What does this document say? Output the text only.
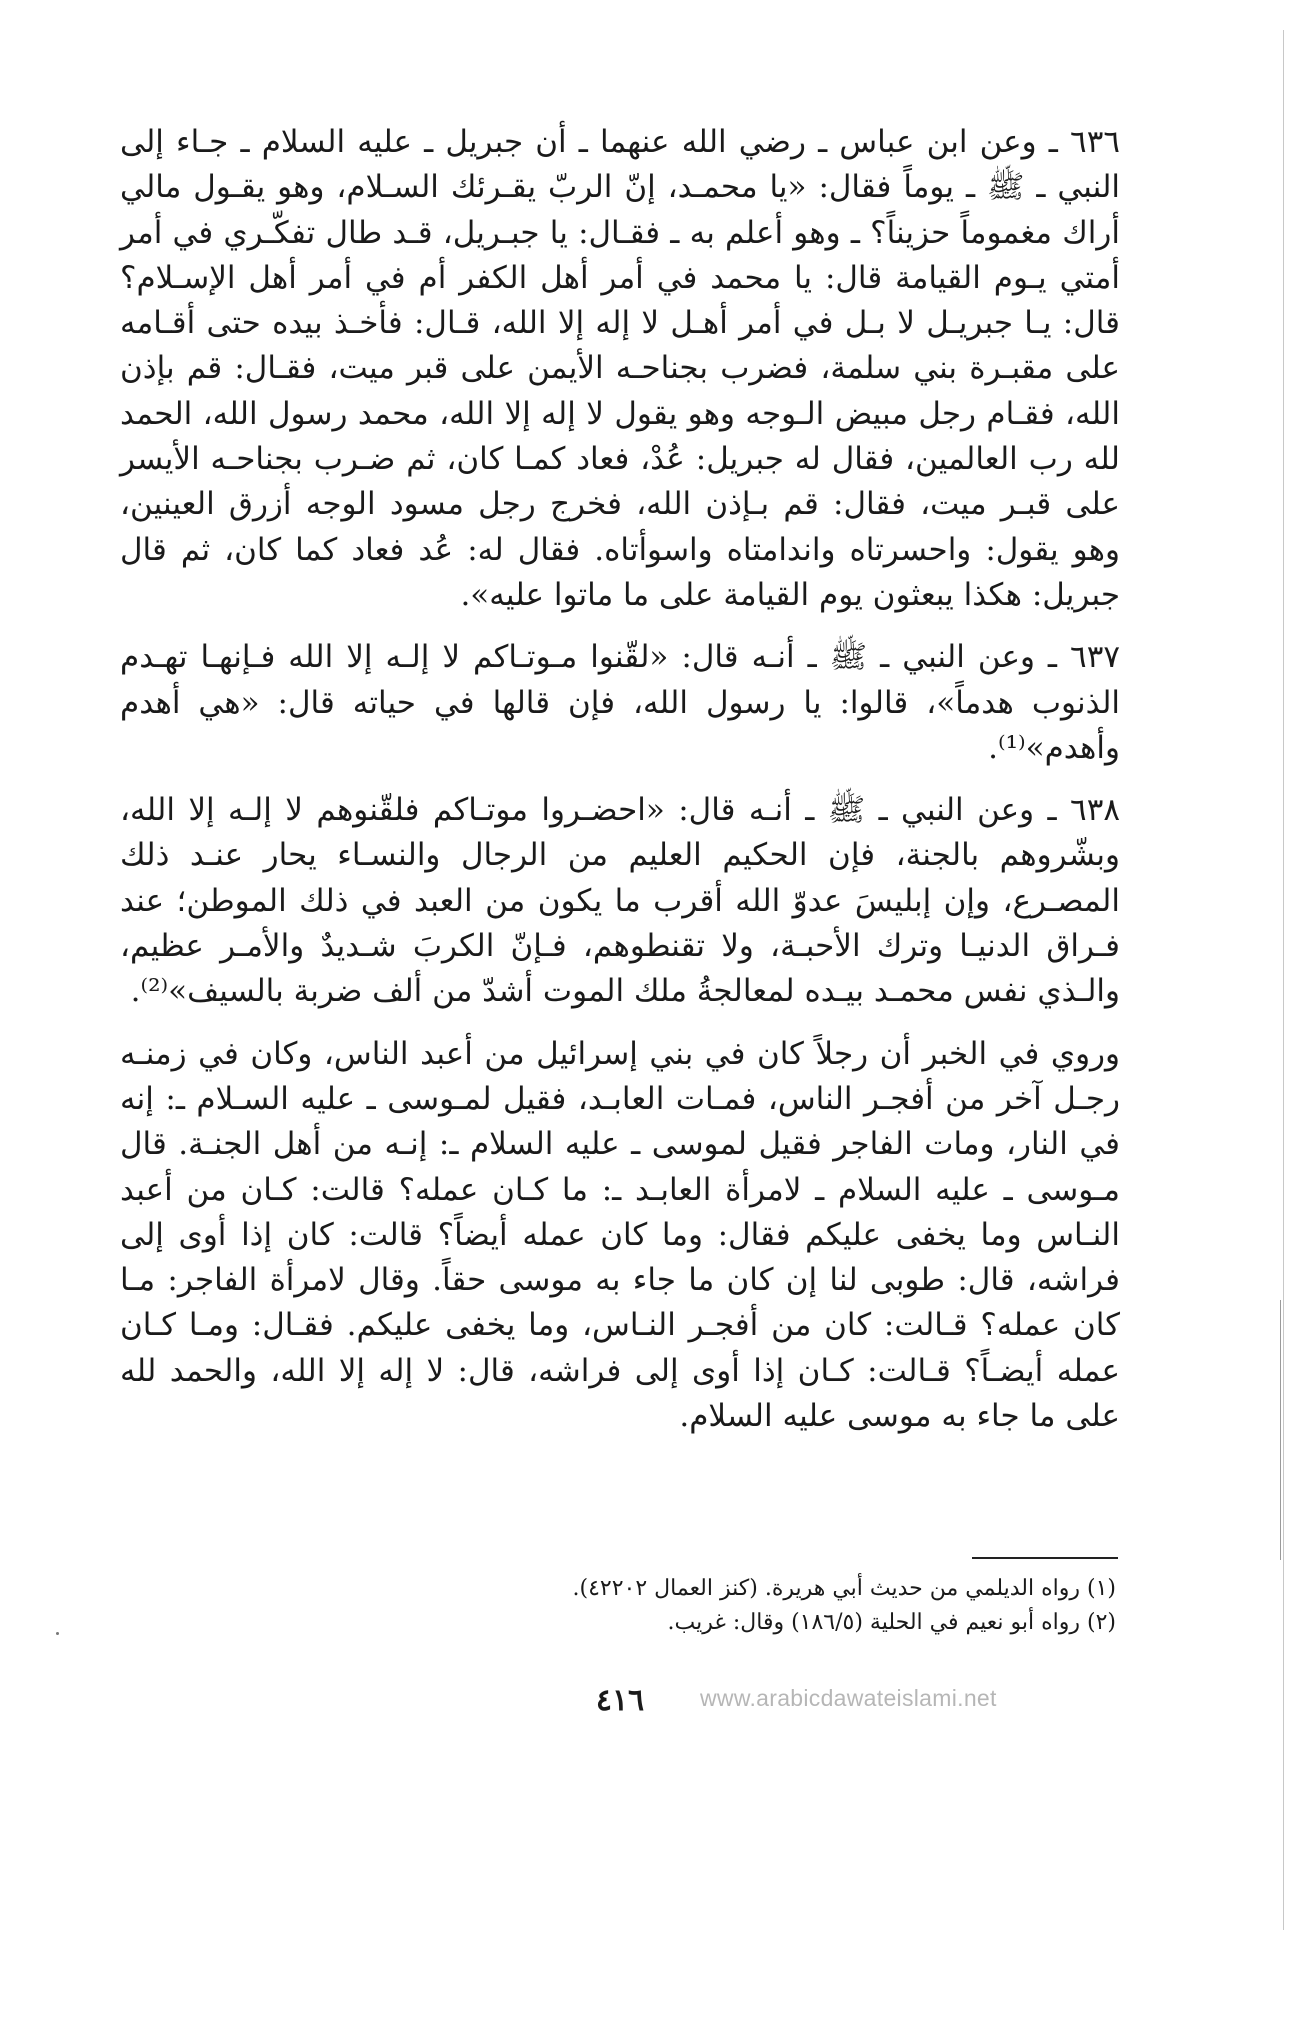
٦٣٦ ـ وعن ابن عباس ـ رضي الله عنهما ـ أن جبريل ـ عليه السلام ـ جـاء إلى النبي ـ ﷺ ـ يوماً فقال: «يا محمـد، إنّ الربّ يقـرئك السـلام، وهو يقـول مالي أراك مغموماً حزيناً؟ ـ وهو أعلم به ـ فقـال: يا جبـريل، قـد طال تفكّـري في أمر أمتي يـوم القيامة قال: يا محمد في أمر أهل الكفر أم في أمر أهل الإسـلام؟ قال: يـا جبريـل لا بـل في أمر أهـل لا إله إلا الله، قـال: فأخـذ بيده حتى أقـامه على مقبـرة بني سلمة، فضرب بجناحـه الأيمن على قبر ميت، فقـال: قم بإذن الله، فقـام رجل مبيض الـوجه وهو يقول لا إله إلا الله، محمد رسول الله، الحمد لله رب العالمين، فقال له جبريل: عُدْ، فعاد كمـا كان، ثم ضـرب بجناحـه الأيسر على قبـر ميت، فقال: قم بـإذن الله، فخرج رجل مسود الوجه أزرق العينين، وهو يقول: واحسرتاه واندامتاه واسوأتاه. فقال له: عُد فعاد كما كان، ثم قال جبريل: هكذا يبعثون يوم القيامة على ما ماتوا عليه».

٦٣٧ ـ وعن النبي ـ ﷺ ـ أنـه قال: «لقّنوا مـوتـاكم لا إلـه إلا الله فـإنهـا تهـدم الذنوب هدماً»، قالوا: يا رسول الله، فإن قالها في حياته قال: «هي أهدم وأهدم»⁽¹⁾.

٦٣٨ ـ وعن النبي ـ ﷺ ـ أنـه قال: «احضـروا موتـاكم فلقّنوهم لا إلـه إلا الله، وبشّروهم بالجنة، فإن الحكيم العليم من الرجال والنسـاء يحار عنـد ذلك المصـرع، وإن إبليسَ عدوّ الله أقرب ما يكون من العبد في ذلك الموطن؛ عند فـراق الدنيـا وترك الأحبـة، ولا تقنطوهم، فـإنّ الكربَ شـديدٌ والأمـر عظيم، والـذي نفس محمـد بيـده لمعالجةُ ملك الموت أشدّ من ألف ضربة بالسيف»⁽²⁾.

وروي في الخبر أن رجلاً كان في بني إسرائيل من أعبد الناس، وكان في زمنـه رجـل آخر من أفجـر الناس، فمـات العابـد، فقيل لمـوسى ـ عليه السـلام ـ: إنه في النار، ومات الفاجر فقيل لموسى ـ عليه السلام ـ: إنـه من أهل الجنـة. قال مـوسى ـ عليه السلام ـ لامرأة العابـد ـ: ما كـان عمله؟ قالت: كـان من أعبد النـاس وما يخفى عليكم فقال: وما كان عمله أيضاً؟ قالت: كان إذا أوى إلى فراشه، قال: طوبى لنا إن كان ما جاء به موسى حقاً. وقال لامرأة الفاجر: مـا كان عمله؟ قـالت: كان من أفجـر النـاس، وما يخفى عليكم. فقـال: ومـا كـان عمله أيضـاً؟ قـالت: كـان إذا أوى إلى فراشه، قال: لا إله إلا الله، والحمد لله على ما جاء به موسى عليه السلام.

(١) رواه الديلمي من حديث أبي هريرة. (كنز العمال ٤٢٢٠٢).

(٢) رواه أبو نعيم في الحلية (١٨٦/٥) وقال: غريب.

٤١٦	www.arabicdawateislami.net
